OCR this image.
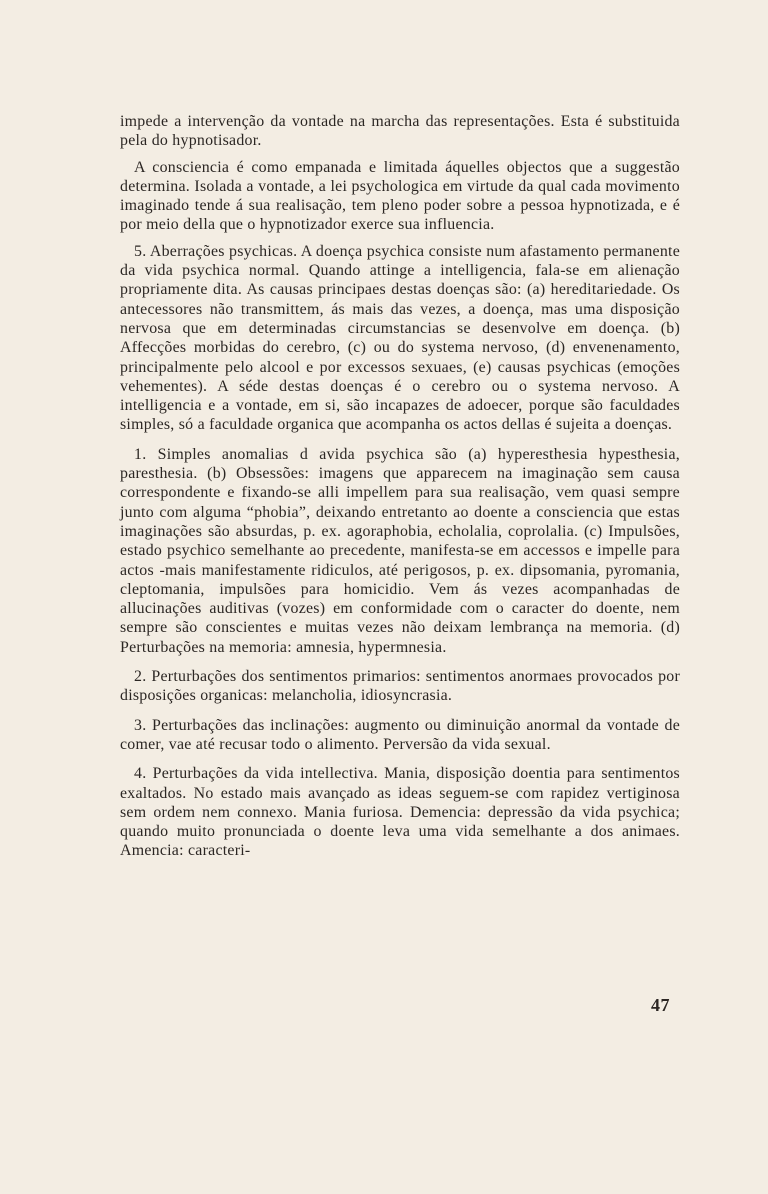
impede a intervenção da vontade na marcha das representações. Esta é substituida pela do hypnotisador.

A consciencia é como empanada e limitada áquelles objectos que a suggestão determina. Isolada a vontade, a lei psychologica em virtude da qual cada movimento imaginado tende á sua realisação, tem pleno poder sobre a pessoa hypnotizada, e é por meio della que o hypnotizador exerce sua influencia.

5. Aberrações psychicas. A doença psychica consiste num afastamento permanente da vida psychica normal. Quando attinge a intelligencia, fala-se em alienação propriamente dita. As causas principaes destas doenças são: (a) hereditariedade. Os antecessores não transmittem, ás mais das vezes, a doença, mas uma disposição nervosa que em determinadas circumstancias se desenvolve em doença. (b) Affecções morbidas do cerebro, (c) ou do systema nervoso, (d) envenenamento, principalmente pelo alcool e por excessos sexuaes, (e) causas psychicas (emoções vehementes). A séde destas doenças é o cerebro ou o systema nervoso. A intelligencia e a vontade, em si, são incapazes de adoecer, porque são faculdades simples, só a faculdade organica que acompanha os actos dellas é sujeita a doenças.

1. Simples anomalias d avida psychica são (a) hyperesthesia hypesthesia, paresthesia. (b) Obsessões: imagens que apparecem na imaginação sem causa correspondente e fixando-se alli impellem para sua realisação, vem quasi sempre junto com alguma “phobia”, deixando entretanto ao doente a consciencia que estas imaginações são absurdas, p. ex. agoraphobia, echolalia, coprolalia. (c) Impulsões, estado psychico semelhante ao precedente, manifesta-se em accessos e impelle para actos -mais manifestamente ridiculos, até perigosos, p. ex. dipsomania, pyromania, cleptomania, impulsões para homicidio. Vem ás vezes acompanhadas de allucinações auditivas (vozes) em conformidade com o caracter do doente, nem sempre são conscientes e muitas vezes não deixam lembrança na memoria. (d) Perturbações na memoria: amnesia, hypermnesia.

2. Perturbações dos sentimentos primarios: sentimentos anormaes provocados por disposições organicas: melancholia, idiosyncrasia.

3. Perturbações das inclinações: augmento ou diminuição anormal da vontade de comer, vae até recusar todo o alimento. Perversão da vida sexual.

4. Perturbações da vida intellectiva. Mania, disposição doentia para sentimentos exaltados. No estado mais avançado as ideas seguem-se com rapidez vertiginosa sem ordem nem connexo. Mania furiosa. Demencia: depressão da vida psychica; quando muito pronunciada o doente leva uma vida semelhante a dos animaes. Amencia: caracteri-

47
